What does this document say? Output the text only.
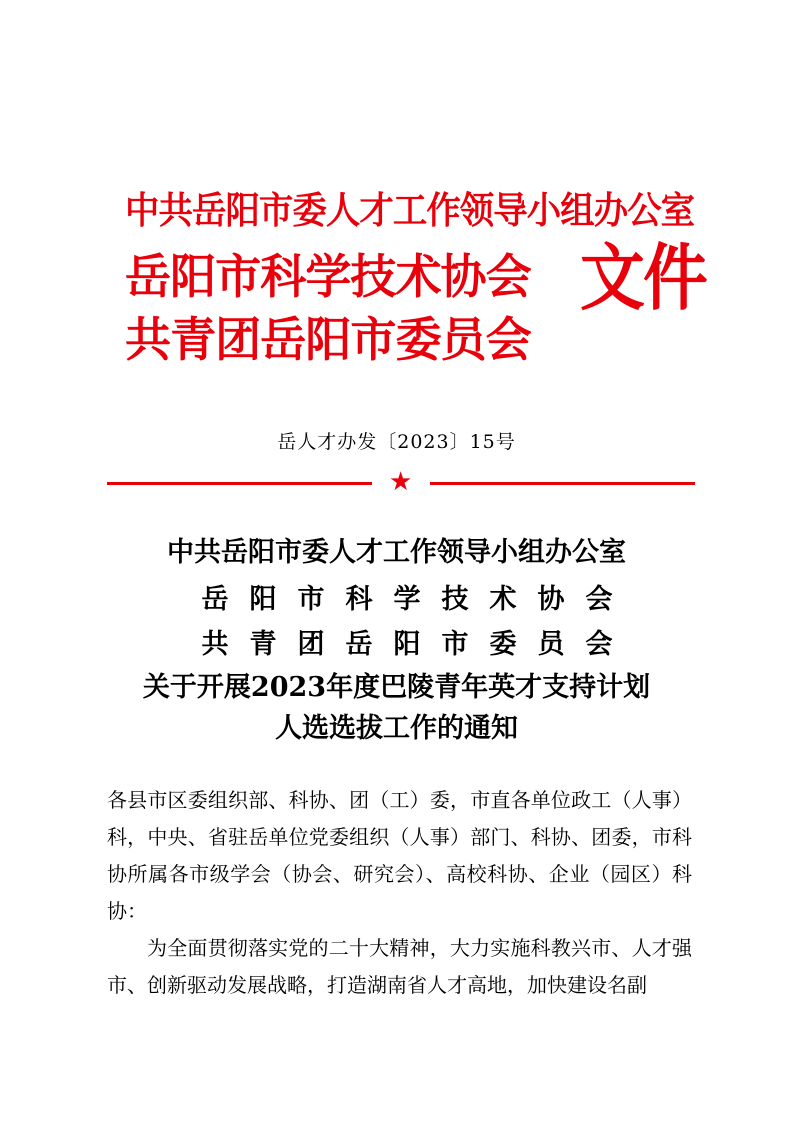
中共岳阳市委人才工作领导小组办公室
岳阳市科学技术协会
共青团岳阳市委员会
文件
岳人才办发〔2023〕15号
★
中共岳阳市委人才工作领导小组办公室
岳阳市科学技术协会
共青团岳阳市委员会
关于开展2023年度巴陵青年英才支持计划
人选选拔工作的通知
各县市区委组织部、科协、团（工）委，市直各单位政工（人事）科，中央、省驻岳单位党委组织（人事）部门、科协、团委，市科协所属各市级学会（协会、研究会）、高校科协、企业（园区）科协：
为全面贯彻落实党的二十大精神，大力实施科教兴市、人才强市、创新驱动发展战略，打造湖南省人才高地，加快建设名副
